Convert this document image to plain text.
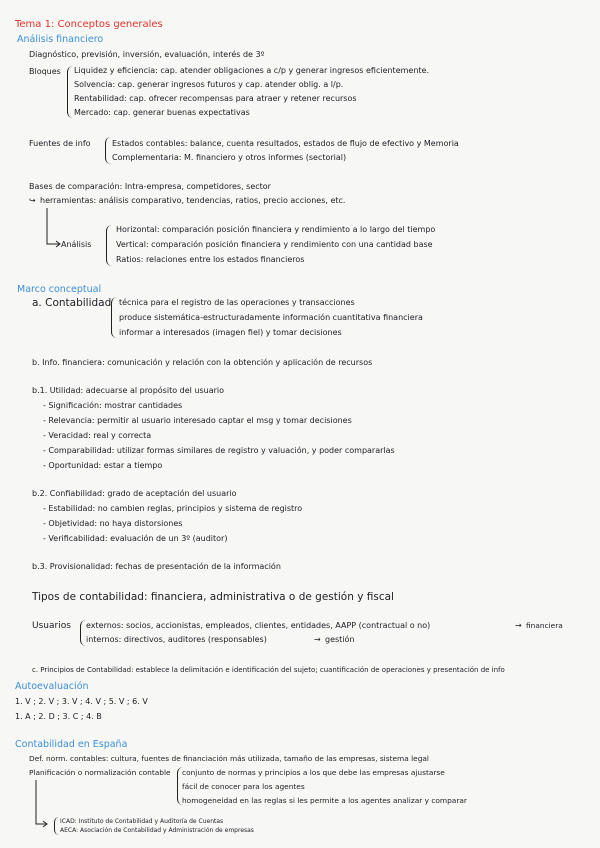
Tema 1: Conceptos generales
Análisis financiero
Diagnóstico, previsión, inversión, evaluación, interés de 3º
Bloques Liquidez y eficiencia: cap. atender obligaciones a c/p y generar ingresos eficientemente.
Solvencia: cap. generar ingresos futuros y cap. atender oblig. a l/p.
Rentabilidad: cap. ofrecer recompensas para atraer y retener recursos
Mercado: cap. generar buenas expectativas
Fuentes de info	Estados contables: balance, cuenta resultados, estados de flujo de efectivo y Memoria
Complementaria: M. financiero y otros informes (sectorial)
Bases de comparación: Intra-empresa, competidores, sector
↪ herramientas: análisis comparativo, tendencias, ratios, precio acciones, etc.
Análisis
Horizontal: comparación posición financiera y rendimiento a lo largo del tiempo
Vertical: comparación posición financiera y rendimiento con una cantidad base
Ratios: relaciones entre los estados financieros
Marco conceptual
a. Contabilidad técnica para el registro de las operaciones y transacciones
produce sistemática-estructuradamente información cuantitativa financiera
informar a interesados (imagen fiel) y tomar decisiones
b. Info. financiera: comunicación y relación con la obtención y aplicación de recursos
b.1. Utilidad: adecuarse al propósito del usuario
- Significación: mostrar cantidades
- Relevancia: permitir al usuario interesado captar el msg y tomar decisiones
- Veracidad: real y correcta
- Comparabilidad: utilizar formas similares de registro y valuación, y poder compararlas
- Oportunidad: estar a tiempo
b.2. Confiabilidad: grado de aceptación del usuario
- Estabilidad: no cambien reglas, principios y sistema de registro
- Objetividad: no haya distorsiones
- Verificabilidad: evaluación de un 3º (auditor)
b.3. Provisionalidad: fechas de presentación de la información
Tipos de contabilidad: financiera, administrativa o de gestión y fiscal
Usuarios externos: socios, accionistas, empleados, clientes, entidades, AAPP (contractual o no)	→ financiera
internos: directivos, auditores (responsables)	→ gestión
c. Principios de Contabilidad: establece la delimitación e identificación del sujeto; cuantificación de operaciones y presentación de info
Autoevaluación
1. V ; 2. V ; 3. V ; 4. V ; 5. V ; 6. V
1. A ; 2. D ; 3. C ; 4. B
Contabilidad en España
Def. norm. contables: cultura, fuentes de financiación más utilizada, tamaño de las empresas, sistema legal
Planificación o normalización contable conjunto de normas y principios a los que debe las empresas ajustarse
fácil de conocer para los agentes
homogeneidad en las reglas si les permite a los agentes analizar y comparar
ICAD: Instituto de Contabilidad y Auditoría de Cuentas
AECA: Asociación de Contabilidad y Administración de empresas
